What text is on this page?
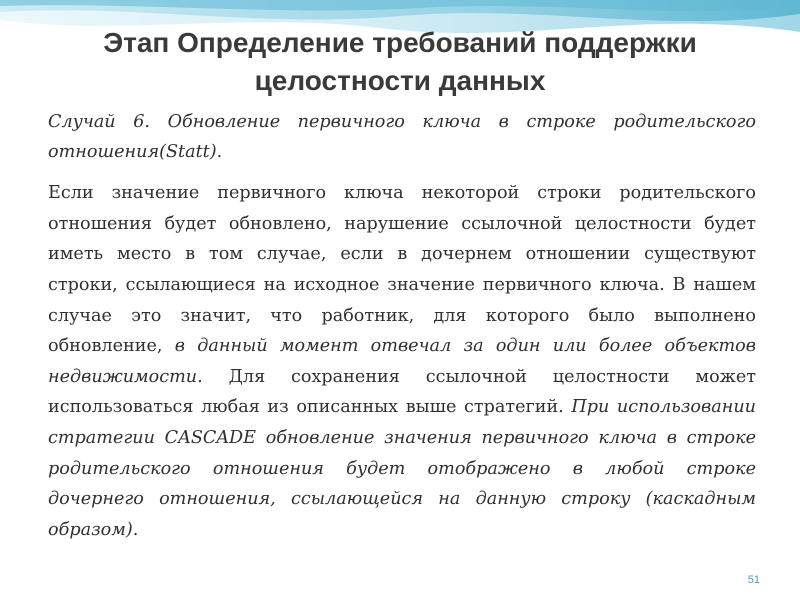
Этап Определение требований поддержки
целостности данных

Случай 6. Обновление первичного ключа в строке родительского отношения(Statt).

Если значение первичного ключа некоторой строки родительского отношения будет обновлено, нарушение ссылочной целостности будет иметь место в том случае, если в дочернем отношении существуют строки, ссылающиеся на исходное значение первичного ключа. В нашем случае это значит, что работник, для которого было выполнено обновление, в данный момент отвечал за один или более объектов недвижимости. Для сохранения ссылочной целостности может использоваться любая из описанных выше стратегий. При использовании стратегии CASCADE обновление значения первичного ключа в строке родительского отношения будет отображено в любой строке дочернего отношения, ссылающейся на данную строку (каскадным образом).

51
